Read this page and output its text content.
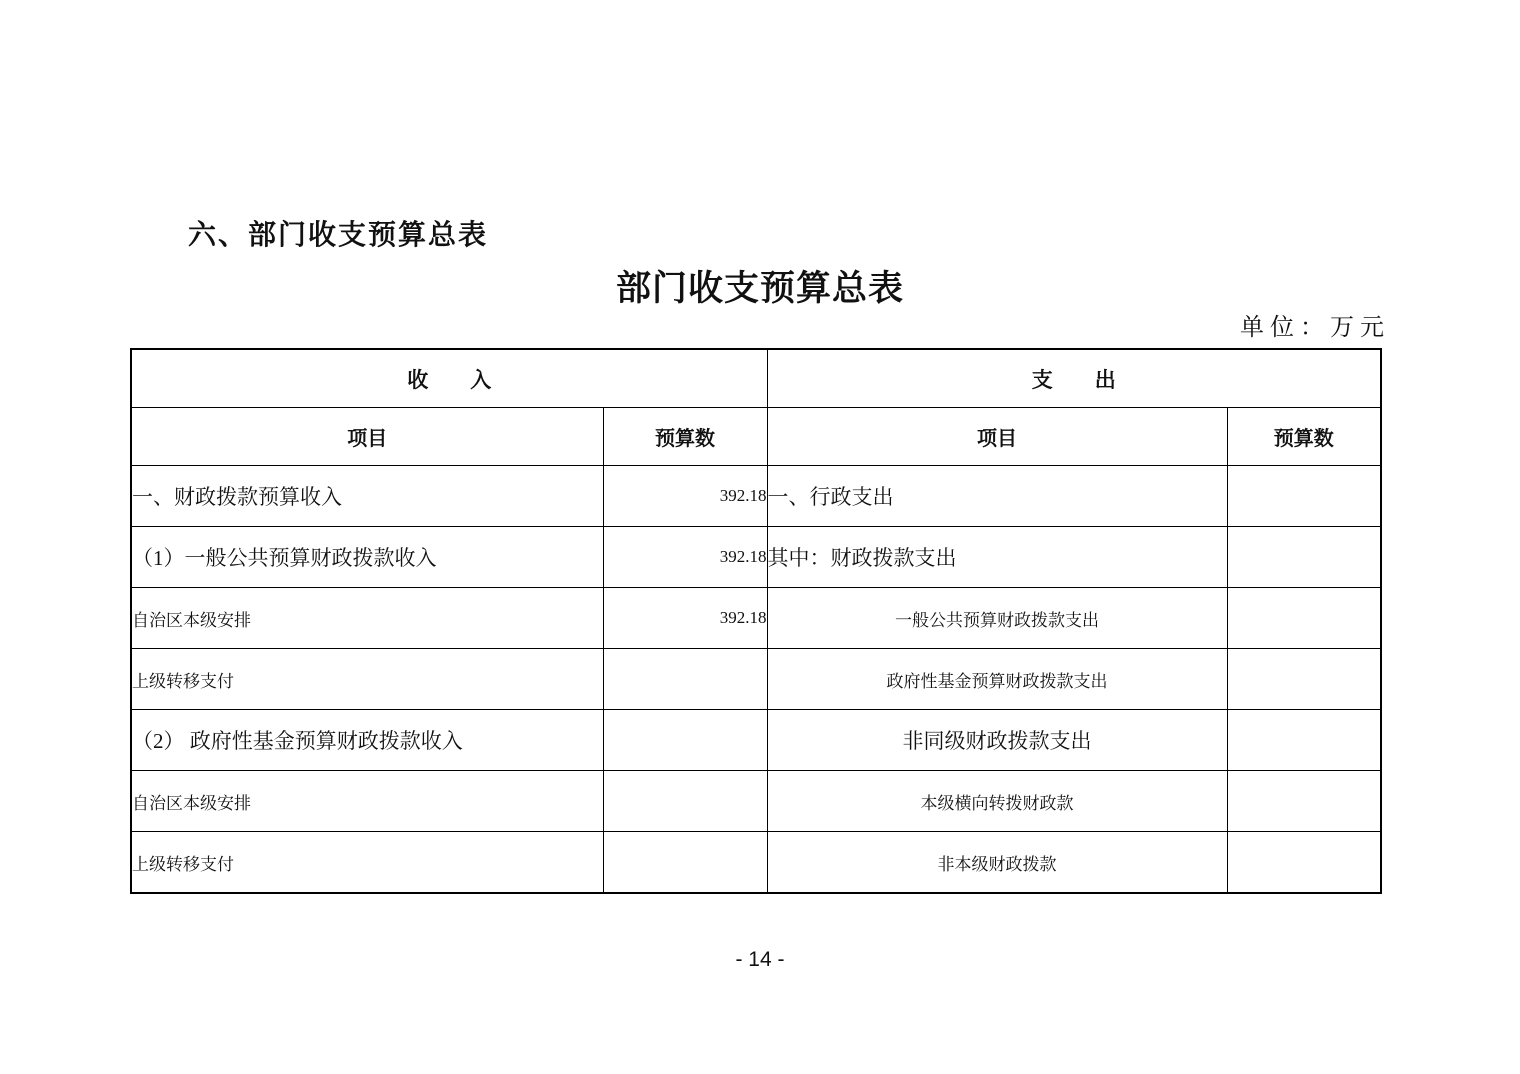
六、部门收支预算总表
部门收支预算总表
单位：万元
收　　入		支　　出	
项目	预算数	项目	预算数
一、财政拨款预算收入	392.18	一、行政支出	
（1）一般公共预算财政拨款收入	392.18	其中：财政拨款支出	
自治区本级安排	392.18	一般公共预算财政拨款支出	
上级转移支付		政府性基金预算财政拨款支出	
（2） 政府性基金预算财政拨款收入		非同级财政拨款支出	
自治区本级安排		本级横向转拨财政款	
上级转移支付		非本级财政拨款	
- 14 -
